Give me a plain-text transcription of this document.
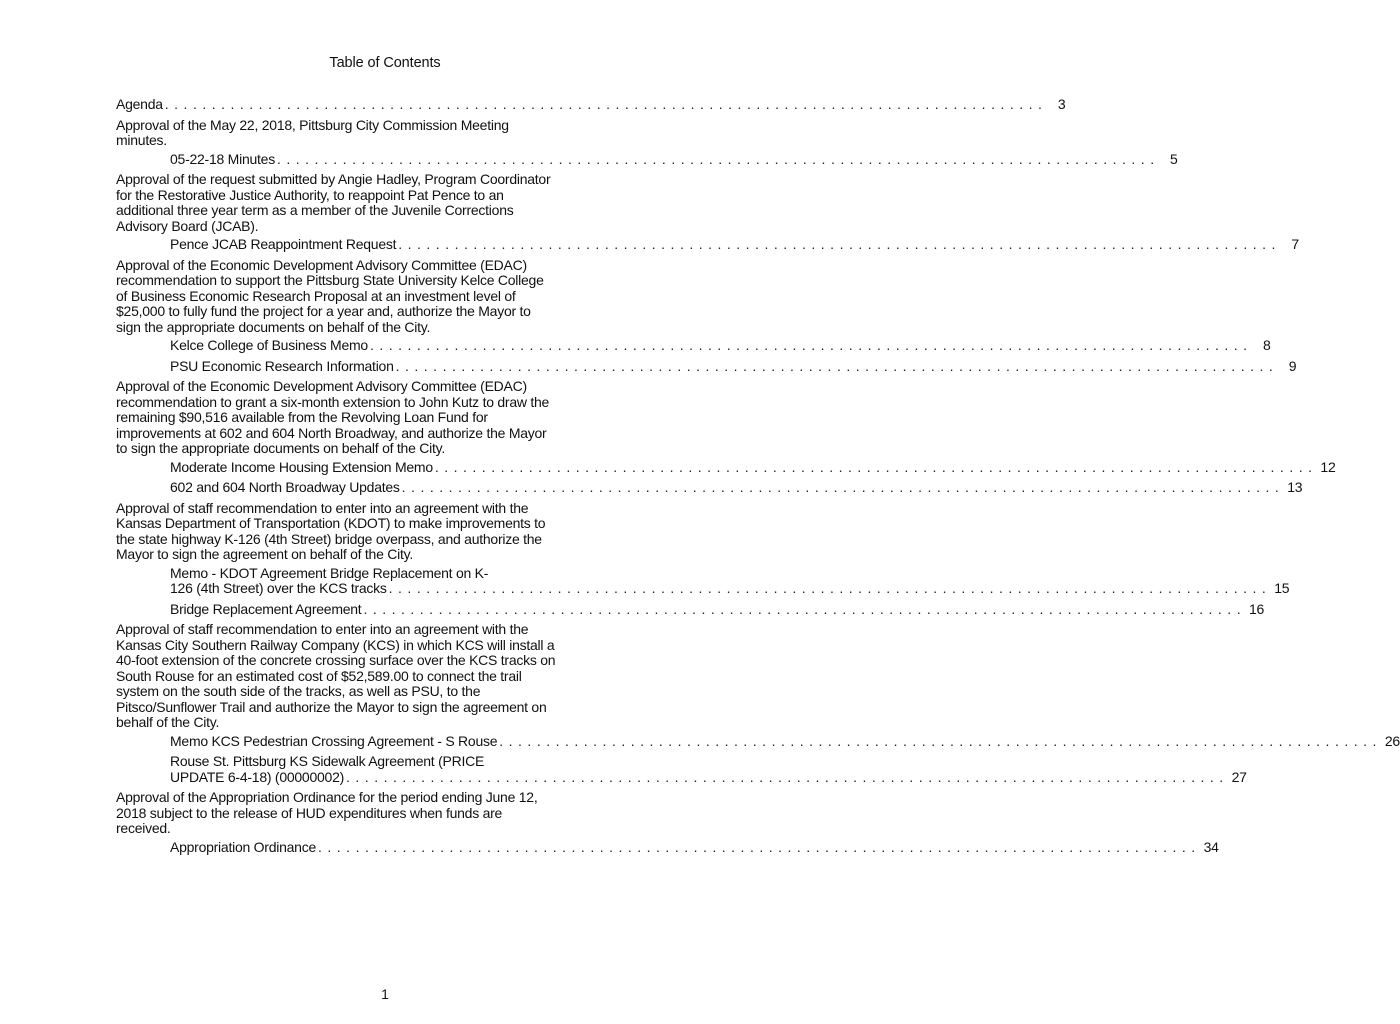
Table of Contents
Agenda .............................................................................................. 3
Approval of the May 22, 2018, Pittsburg City Commission Meeting minutes.
05-22-18 Minutes .............................................................................................. 5
Approval of the request submitted by Angie Hadley, Program Coordinator for the Restorative Justice Authority, to reappoint Pat Pence to an additional three year term as a member of the Juvenile Corrections Advisory Board (JCAB).
Pence JCAB Reappointment Request .............................................................................................. 7
Approval of the Economic Development Advisory Committee (EDAC) recommendation to support the Pittsburg State University Kelce College of Business Economic Research Proposal at an investment level of $25,000 to fully fund the project for a year and, authorize the Mayor to sign the appropriate documents on behalf of the City.
Kelce College of Business Memo .............................................................................................. 8
PSU Economic Research Information .............................................................................................. 9
Approval of the Economic Development Advisory Committee (EDAC) recommendation to grant a six-month extension to John Kutz to draw the remaining $90,516 available from the Revolving Loan Fund for improvements at 602 and 604 North Broadway, and authorize the Mayor to sign the appropriate documents on behalf of the City.
Moderate Income Housing Extension Memo .............................................................................................. 12
602 and 604 North Broadway Updates .............................................................................................. 13
Approval of staff recommendation to enter into an agreement with the Kansas Department of Transportation (KDOT) to make improvements to the state highway K-126 (4th Street) bridge overpass, and authorize the Mayor to sign the agreement on behalf of the City.
Memo - KDOT Agreement Bridge Replacement on K-
126 (4th Street) over the KCS tracks .............................................................................................. 15
Bridge Replacement Agreement .............................................................................................. 16
Approval of staff recommendation to enter into an agreement with the Kansas City Southern Railway Company (KCS) in which KCS will install a 40-foot extension of the concrete crossing surface over the KCS tracks on South Rouse for an estimated cost of $52,589.00 to connect the trail system on the south side of the tracks, as well as PSU, to the Pitsco/Sunflower Trail and authorize the Mayor to sign the agreement on behalf of the City.
Memo KCS Pedestrian Crossing Agreement - S Rouse .............................................................................................. 26
Rouse St. Pittsburg KS Sidewalk Agreement (PRICE
UPDATE 6-4-18) (00000002) .............................................................................................. 27
Approval of the Appropriation Ordinance for the period ending June 12, 2018 subject to the release of HUD expenditures when funds are received.
Appropriation Ordinance .............................................................................................. 34
1
